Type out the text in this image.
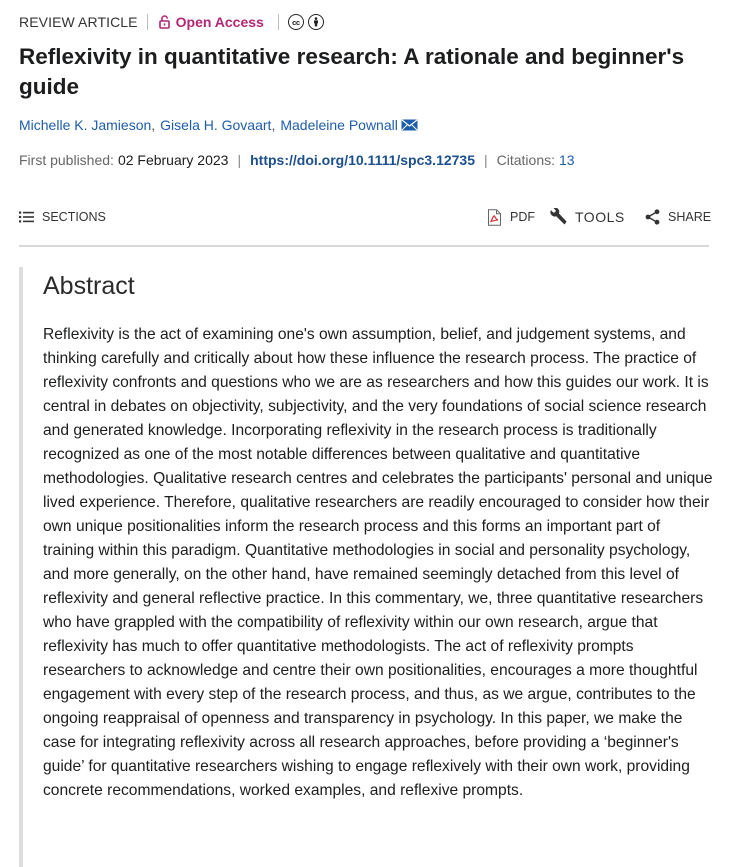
REVIEW ARTICLE	Open Access	cc
Reflexivity in quantitative research: A rationale and beginner's guide
Michelle K. Jamieson , Gisela H. Govaart , Madeleine Pownall
First published: 02 February 2023 | https://doi.org/10.1111/spc3.12735 | Citations: 13
SECTIONS	PDF	TOOLS	SHARE
Abstract

Reflexivity is the act of examining one's own assumption, belief, and judgement systems, and thinking carefully and critically about how these influence the research process. The practice of reflexivity confronts and questions who we are as researchers and how this guides our work. It is central in debates on objectivity, subjectivity, and the very foundations of social science research and generated knowledge. Incorporating reflexivity in the research process is traditionally recognized as one of the most notable differences between qualitative and quantitative methodologies. Qualitative research centres and celebrates the participants' personal and unique lived experience. Therefore, qualitative researchers are readily encouraged to consider how their own unique positionalities inform the research process and this forms an important part of training within this paradigm. Quantitative methodologies in social and personality psychology, and more generally, on the other hand, have remained seemingly detached from this level of reflexivity and general reflective practice. In this commentary, we, three quantitative researchers who have grappled with the compatibility of reflexivity within our own research, argue that reflexivity has much to offer quantitative methodologists. The act of reflexivity prompts researchers to acknowledge and centre their own positionalities, encourages a more thoughtful engagement with every step of the research process, and thus, as we argue, contributes to the ongoing reappraisal of openness and transparency in psychology. In this paper, we make the case for integrating reflexivity across all research approaches, before providing a ‘beginner's guide’ for quantitative researchers wishing to engage reflexively with their own work, providing concrete recommendations, worked examples, and reflexive prompts.
